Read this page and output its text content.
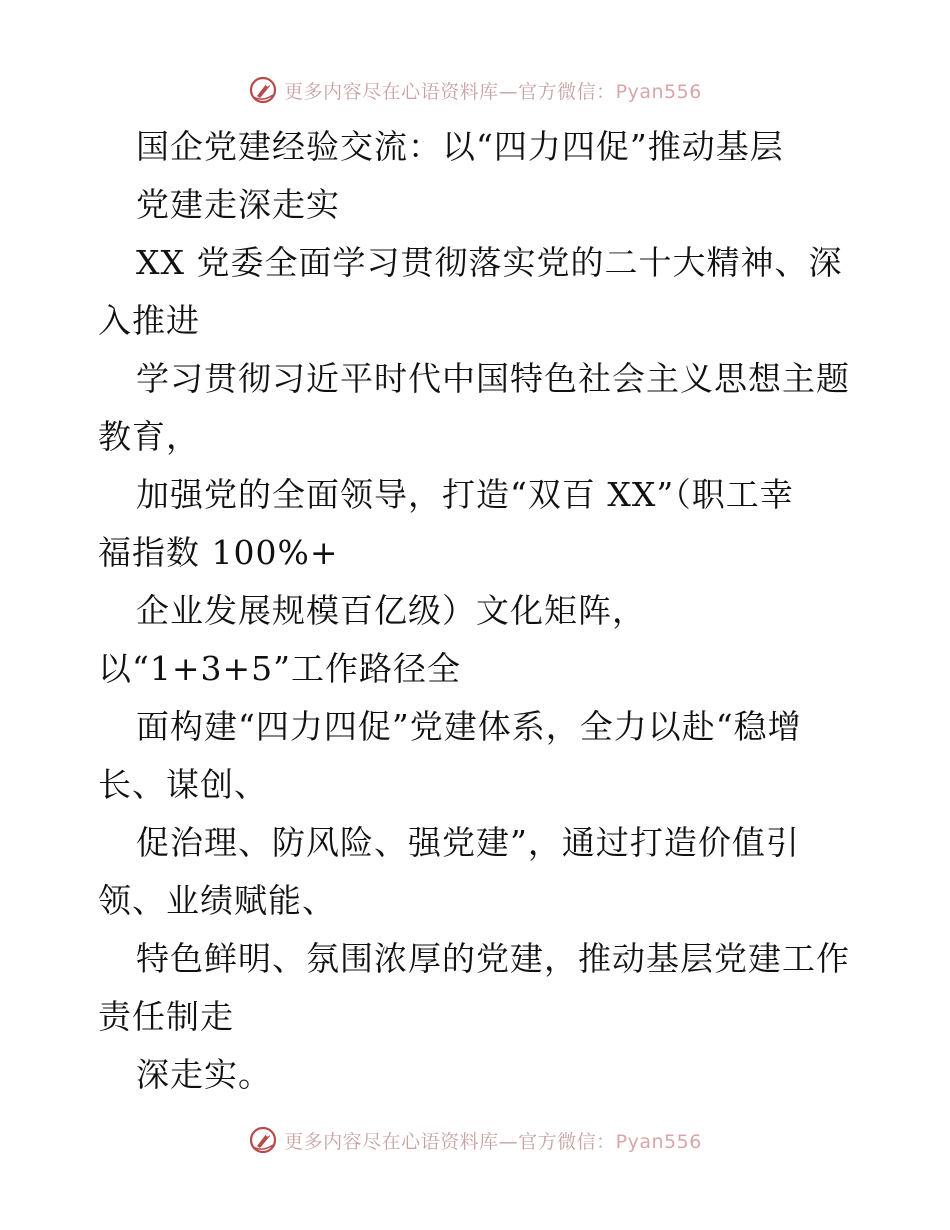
更多内容尽在心语资料库—官方微信：Pyan556
国企党建经验交流：以“四力四促”推动基层
党建走深走实
XX 党委全面学习贯彻落实党的二十大精神、深
入推进
学习贯彻习近平时代中国特色社会主义思想主题
教育，
加强党的全面领导，打造“双百 XX”（职工幸
福指数 100%+
企业发展规模百亿级）文化矩阵，
以“1+3+5”工作路径全
面构建“四力四促”党建体系，全力以赴“稳增
长、谋创、
促治理、防风险、强党建”，通过打造价值引
领、业绩赋能、
特色鲜明、氛围浓厚的党建，推动基层党建工作
责任制走
深走实。
更多内容尽在心语资料库—官方微信：Pyan556
